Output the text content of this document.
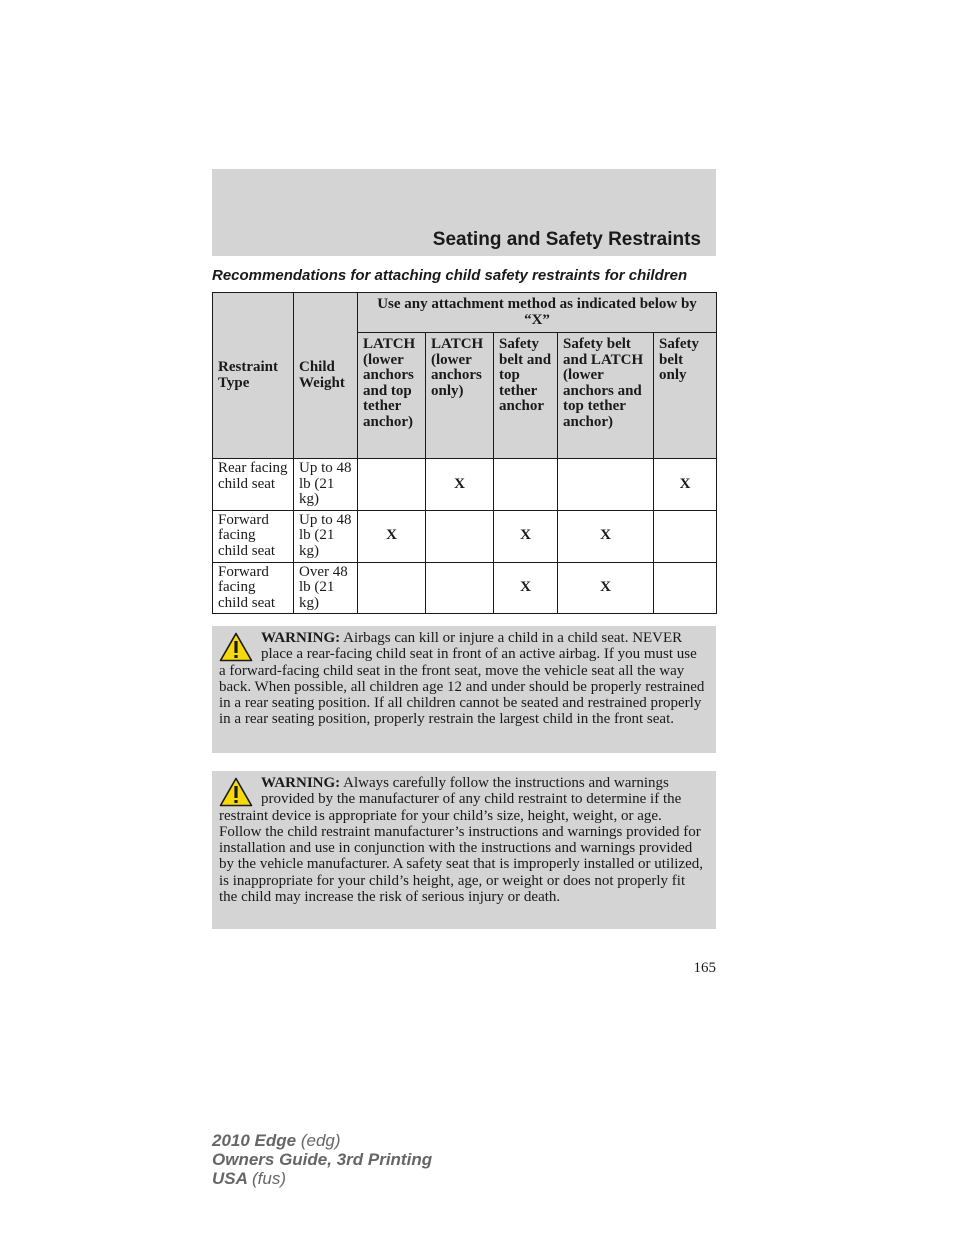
Seating and Safety Restraints
Recommendations for attaching child safety restraints for children
Restraint Type	Child Weight	Use any attachment method as indicated below by “X”				
		LATCH (lower anchors and top tether anchor)	LATCH (lower anchors only)	Safety belt and top tether anchor	Safety belt and LATCH (lower anchors and top tether anchor)	Safety belt only
Rear facing child seat	Up to 48 lb (21 kg)		X			X
Forward facing child seat	Up to 48 lb (21 kg)	X		X	X	
Forward facing child seat	Over 48 lb (21 kg)			X	X	
WARNING: Airbags can kill or injure a child in a child seat. NEVER place a rear-facing child seat in front of an active airbag. If you must use a forward-facing child seat in the front seat, move the vehicle seat all the way back. When possible, all children age 12 and under should be properly restrained in a rear seating position. If all children cannot be seated and restrained properly in a rear seating position, properly restrain the largest child in the front seat.
WARNING: Always carefully follow the instructions and warnings provided by the manufacturer of any child restraint to determine if the restraint device is appropriate for your child’s size, height, weight, or age. Follow the child restraint manufacturer’s instructions and warnings provided for installation and use in conjunction with the instructions and warnings provided by the vehicle manufacturer. A safety seat that is improperly installed or utilized, is inappropriate for your child’s height, age, or weight or does not properly fit the child may increase the risk of serious injury or death.
165
2010 Edge (edg)
Owners Guide, 3rd Printing
USA (fus)
